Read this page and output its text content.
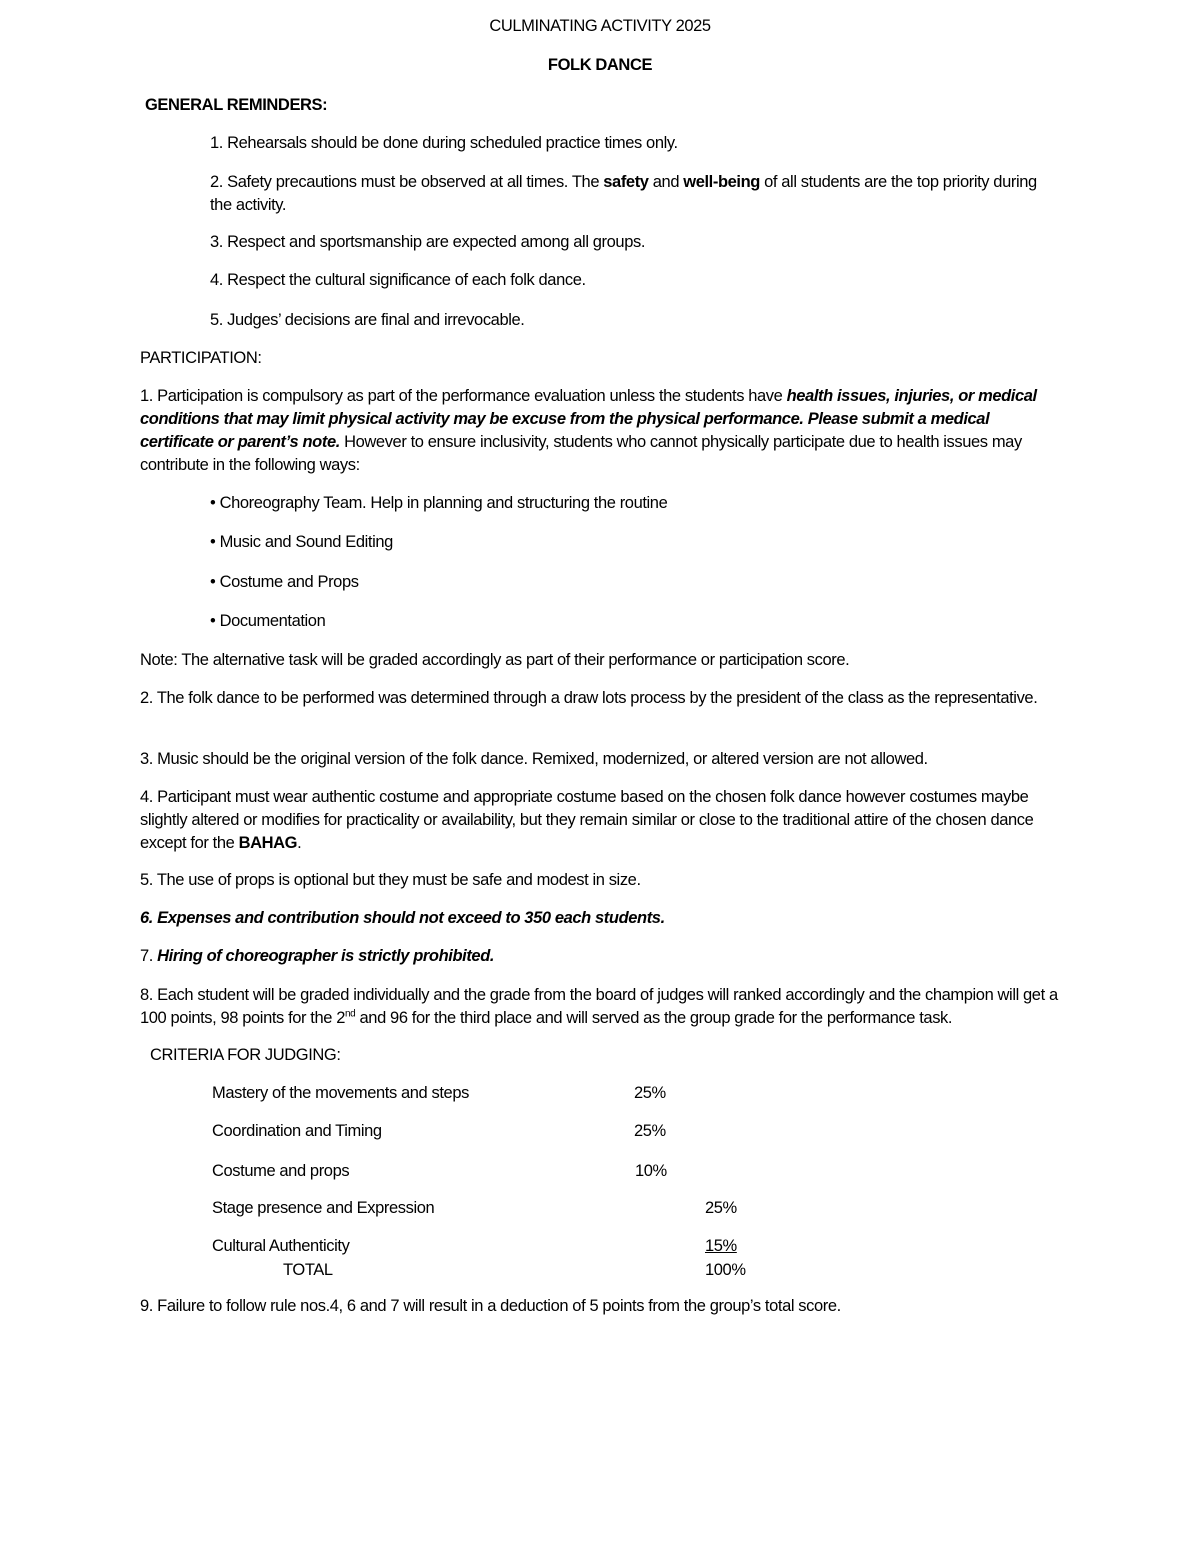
CULMINATING ACTIVITY 2025
FOLK DANCE
GENERAL REMINDERS:
1. Rehearsals should be done during scheduled practice times only.
2. Safety precautions must be observed at all times. The safety and well-being of all students are the top priority during the activity.
3. Respect and sportsmanship are expected among all groups.
4. Respect the cultural significance of each folk dance.
5. Judges’ decisions are final and irrevocable.
PARTICIPATION:
1. Participation is compulsory as part of the performance evaluation unless the students have health issues, injuries, or medical conditions that may limit physical activity may be excuse from the physical performance. Please submit a medical certificate or parent’s note. However to ensure inclusivity, students who cannot physically participate due to health issues may contribute in the following ways:
• Choreography Team. Help in planning and structuring the routine
• Music and Sound Editing
• Costume and Props
• Documentation
Note: The alternative task will be graded accordingly as part of their performance or participation score.
2. The folk dance to be performed was determined through a draw lots process by the president of the class as the representative.
3. Music should be the original version of the folk dance. Remixed, modernized, or altered version are not allowed.
4. Participant must wear authentic costume and appropriate costume based on the chosen folk dance however costumes maybe slightly altered or modifies for practicality or availability, but they remain similar or close to the traditional attire of the chosen dance except for the BAHAG.
5. The use of props is optional but they must be safe and modest in size.
6. Expenses and contribution should not exceed to 350 each students.
7. Hiring of choreographer is strictly prohibited.
8. Each student will be graded individually and the grade from the board of judges will ranked accordingly and the champion will get a 100 points, 98 points for the 2nd and 96 for the third place and will served as the group grade for the performance task.
CRITERIA FOR JUDGING:
Mastery of the movements and steps	25%
Coordination and Timing	25%
Costume and props	10%
Stage presence and Expression	25%
Cultural Authenticity	15%
TOTAL	100%
9. Failure to follow rule nos.4, 6 and 7 will result in a deduction of 5 points from the group’s total score.
